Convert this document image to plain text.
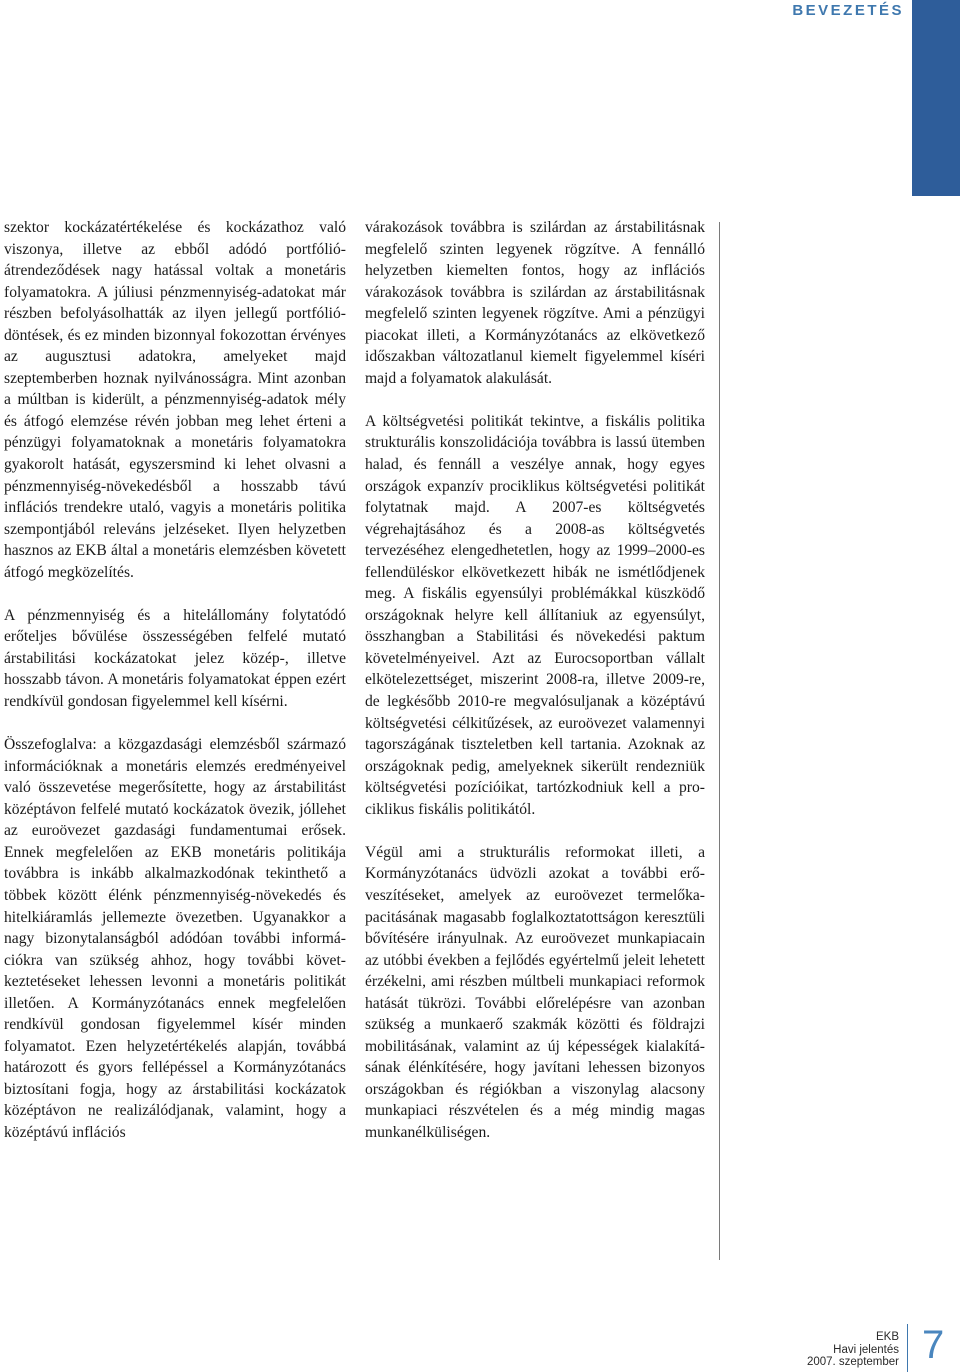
BEVEZETÉS

szektor kockázatértékelése és kockázathoz való viszonya, illetve az ebből adódó portfólióátrendeződések nagy hatással voltak a monetáris folyamatokra. A júliusi pénzmennyiség-adatokat már részben befolyásolhatták az ilyen jellegű portfóliódöntések, és ez minden bizonnyal fokozottan érvényes az augusztusi adatokra, amelyeket majd szeptemberben hoznak nyilvánosságra. Mint azonban a múltban is kiderült, a pénzmennyiség-adatok mély és átfogó elemzése révén jobban meg lehet érteni a pénzügyi folyamatoknak a monetáris folyamatokra gyakorolt hatását, egyszersmind ki lehet olvasni a pénzmennyiség-növekedésből a hosszabb távú inflációs trendekre utaló, vagyis a monetáris politika szempontjából releváns jelzéseket. Ilyen helyzetben hasznos az EKB által a monetáris elemzésben követett átfogó megközelítés.

A pénzmennyiség és a hitelállomány folytatódó erőteljes bővülése összességében felfelé mutató árstabilitási kockázatokat jelez közép-, illetve hosszabb távon. A monetáris folyamatokat éppen ezért rendkívül gondosan figyelemmel kell kísérni.

Összefoglalva: a közgazdasági elemzésből származó információknak a monetáris elemzés eredményeivel való összevetése megerősítette, hogy az árstabilitást középtávon felfelé mutató kockázatok övezik, jóllehet az euroövezet gazdasági fundamentumai erősek. Ennek megfelelően az EKB monetáris politikája továbbra is inkább alkalmazkodónak tekinthető a többek között élénk pénzmennyiség-növekedés és hitelkiáramlás jellemezte övezetben. Ugyanakkor a nagy bizonytalanságból adódóan további információkra van szükség ahhoz, hogy további következtetéseket lehessen levonni a monetáris politikát illetően. A Kormányzótanács ennek megfelelően rendkívül gondosan figyelemmel kísér minden folyamatot. Ezen helyzetértékelés alapján, továbbá határozott és gyors fellépéssel a Kormányzótanács biztosítani fogja, hogy az árstabilitási kockázatok középtávon ne realizálódjanak, valamint, hogy a középtávú inflációs

várakozások továbbra is szilárdan az árstabilitásnak megfelelő szinten legyenek rögzítve. A fennálló helyzetben kiemelten fontos, hogy az inflációs várakozások továbbra is szilárdan az árstabilitásnak megfelelő szinten legyenek rögzítve. Ami a pénzügyi piacokat illeti, a Kormányzótanács az elkövetkező időszakban változatlanul kiemelt figyelemmel kíséri majd a folyamatok alakulását.

A költségvetési politikát tekintve, a fiskális politika strukturális konszolidációja továbbra is lassú ütemben halad, és fennáll a veszélye annak, hogy egyes országok expanzív prociklikus költségvetési politikát folytatnak majd. A 2007-es költségvetés végrehajtásához és a 2008-as költségvetés tervezéséhez elengedhetetlen, hogy az 1999–2000-es fellendüléskor elkövetkezett hibák ne ismétlődjenek meg. A fiskális egyensúlyi problémákkal küszködő országoknak helyre kell állítaniuk az egyensúlyt, összhangban a Stabilitási és növekedési paktum követelményeivel. Azt az Eurocsoportban vállalt elkötelezettséget, miszerint 2008-ra, illetve 2009-re, de legkésőbb 2010-re megvalósuljanak a középtávú költségvetési célkitűzések, az euroövezet valamennyi tagországának tiszteletben kell tartania. Azoknak az országoknak pedig, amelyeknek sikerült rendezniük költségvetési pozícióikat, tartózkodniuk kell a prociklikus fiskális politikától.

Végül ami a strukturális reformokat illeti, a Kormányzótanács üdvözli azokat a további erőveszítéseket, amelyek az euroövezet termelőkapacitásának magasabb foglalkoztatottságon keresztüli bővítésére irányulnak. Az euroövezet munkapiacain az utóbbi években a fejlődés egyértelmű jeleit lehetett érzékelni, ami részben múltbeli munkapiaci reformok hatását tükrözi. További előrelépésre van azonban szükség a munkaerő szakmák közötti és földrajzi mobilitásának, valamint az új képességek kialakításának élénkítésére, hogy javítani lehessen bizonyos országokban és régiókban a viszonylag alacsony munkapiaci részvételen és a még mindig magas munkanélküliségen.

EKB
Havi jelentés
2007. szeptember 7
